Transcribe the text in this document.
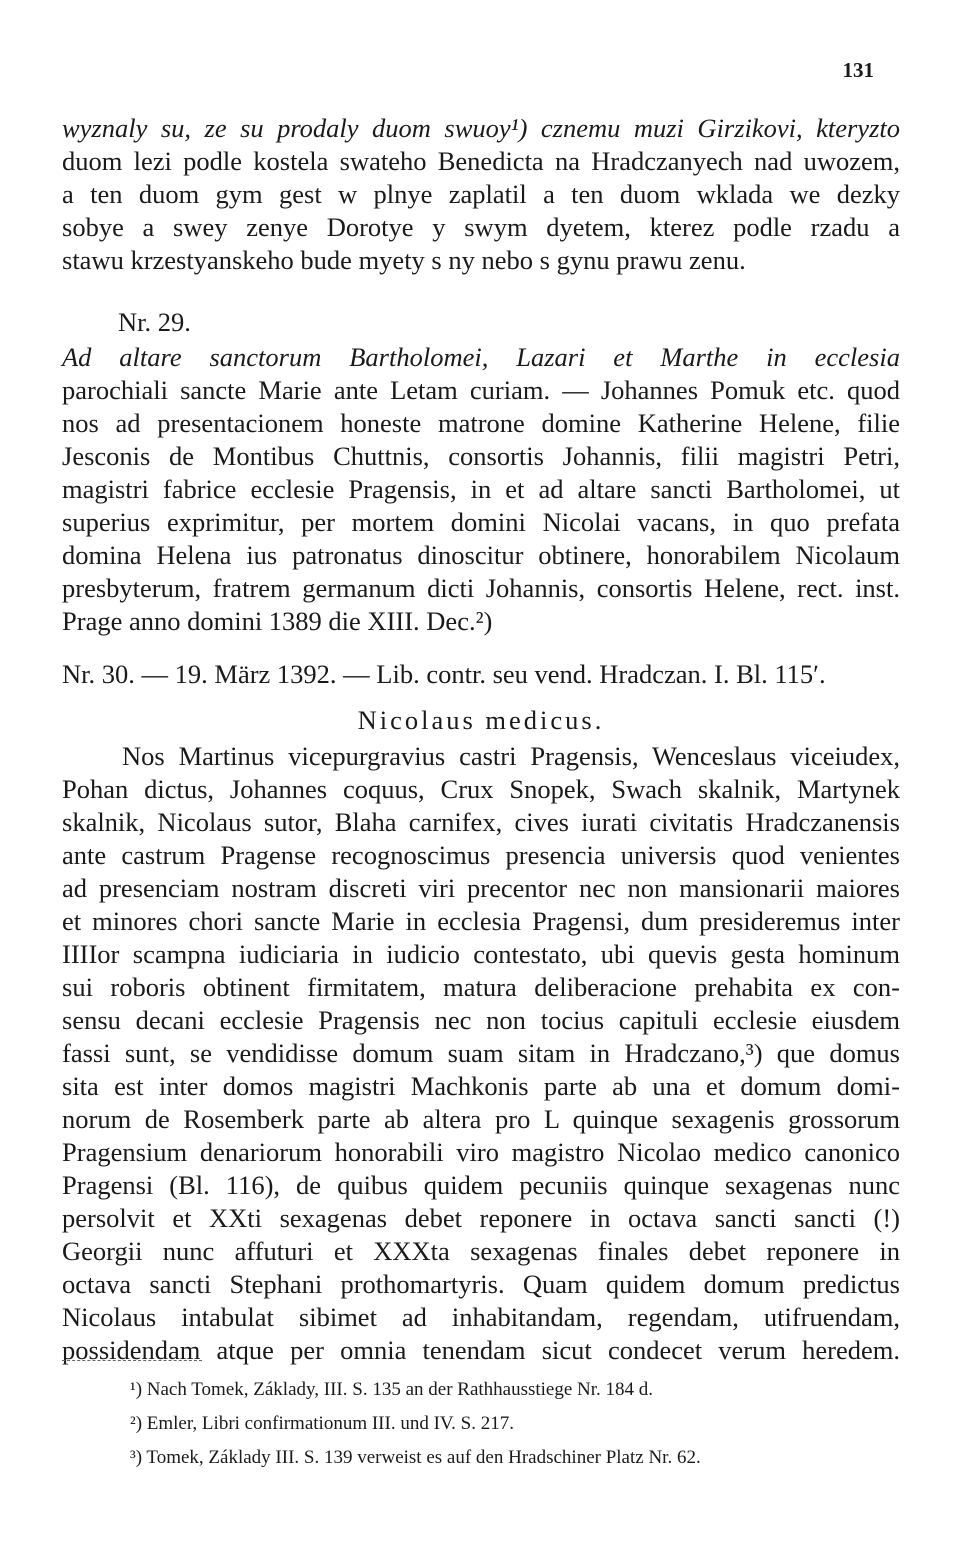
131
wyznaly su, ze su prodaly duom swuoy¹) cznemu muzi Girzikovi, kteryzto
duom lezi podle kostela swateho Benedicta na Hradczanyech nad uwozem,
a ten duom gym gest w plnye zaplatil a ten duom wklada we dezky
sobye a swey zenye Dorotye y swym dyetem, kterez podle rzadu a
stawu krzestyanskeho bude myety s ny nebo s gynu prawu zenu.
Nr. 29.
Ad altare sanctorum Bartholomei, Lazari et Marthe in ecclesia
parochiali sancte Marie ante Letam curiam. — Johannes Pomuk etc. quod
nos ad presentacionem honeste matrone domine Katherine Helene, filie
Jesconis de Montibus Chuttnis, consortis Johannis, filii magistri Petri,
magistri fabrice ecclesie Pragensis, in et ad altare sancti Bartholomei, ut
superius exprimitur, per mortem domini Nicolai vacans, in quo prefata
domina Helena ius patronatus dinoscitur obtinere, honorabilem Nicolaum
presbyterum, fratrem germanum dicti Johannis, consortis Helene, rect. inst.
Prage anno domini 1389 die XIII. Dec.²)
Nr. 30. — 19. März 1392. — Lib. contr. seu vend. Hradczan. I. Bl. 115ʹ.
Nicolaus medicus.
Nos Martinus vicepurgravius castri Pragensis, Wenceslaus viceiudex,
Pohan dictus, Johannes coquus, Crux Snopek, Swach skalnik, Martynek
skalnik, Nicolaus sutor, Blaha carnifex, cives iurati civitatis Hradczanensis
ante castrum Pragense recognoscimus presencia universis quod venientes
ad presenciam nostram discreti viri precentor nec non mansionarii maiores
et minores chori sancte Marie in ecclesia Pragensi, dum presideremus inter
IIIIor scampna iudiciaria in iudicio contestato, ubi quevis gesta hominum
sui roboris obtinent firmitatem, matura deliberacione prehabita ex con-
sensu decani ecclesie Pragensis nec non tocius capituli ecclesie eiusdem
fassi sunt, se vendidisse domum suam sitam in Hradczano,³) que domus
sita est inter domos magistri Machkonis parte ab una et domum domi-
norum de Rosemberk parte ab altera pro L quinque sexagenis grossorum
Pragensium denariorum honorabili viro magistro Nicolao medico canonico
Pragensi (Bl. 116), de quibus quidem pecuniis quinque sexagenas nunc
persolvit et XXti sexagenas debet reponere in octava sancti sancti (!)
Georgii nunc affuturi et XXXta sexagenas finales debet reponere in
octava sancti Stephani prothomartyris. Quam quidem domum predictus
Nicolaus intabulat sibimet ad inhabitandam, regendam, utifruendam,
possidendam atque per omnia tenendam sicut condecet verum heredem.
¹) Nach Tomek, Základy, III. S. 135 an der Rathhausstiege Nr. 184 d.
²) Emler, Libri confirmationum III. und IV. S. 217.
³) Tomek, Základy III. S. 139 verweist es auf den Hradschiner Platz Nr. 62.
